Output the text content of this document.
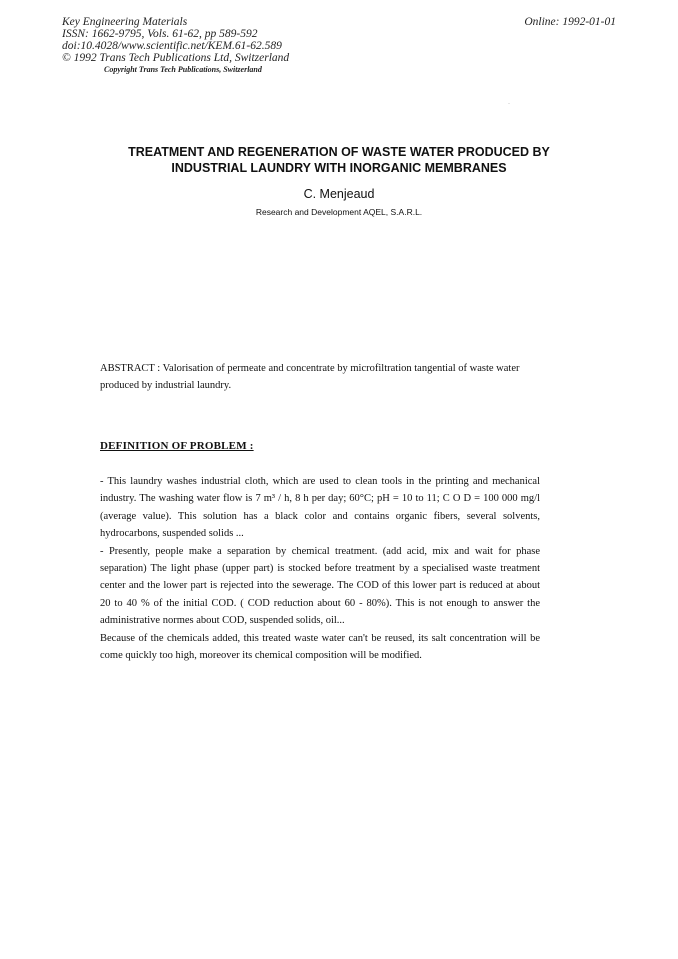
Key Engineering Materials
ISSN: 1662-9795, Vols. 61-62, pp 589-592
doi:10.4028/www.scientific.net/KEM.61-62.589
© 1992 Trans Tech Publications Ltd, Switzerland
Copyright Trans Tech Publications, Switzerland
Online: 1992-01-01
TREATMENT AND REGENERATION OF WASTE WATER PRODUCED BY
INDUSTRIAL LAUNDRY WITH INORGANIC MEMBRANES
C. Menjeaud
Research and Development AQEL, S.A.R.L.
ABSTRACT : Valorisation of permeate and concentrate by microfiltration tangential of waste water produced by industrial laundry.
DEFINITION OF PROBLEM :

- This laundry washes industrial cloth, which are used to clean tools in the printing and mechanical industry. The washing water flow is 7 m³ / h, 8 h per day; 60°C; pH = 10 to 11; C O D = 100 000 mg/l (average value). This solution has a black color and contains organic fibers, several solvents, hydrocarbons, suspended solids ...

- Presently, people make a separation by chemical treatment. (add acid, mix and wait for phase separation) The light phase (upper part) is stocked before treatment by a specialised waste treatment center and the lower part is rejected into the sewerage. The COD of this lower part is reduced at about 20 to 40 % of the initial COD. ( COD reduction about 60 - 80%). This is not enough to answer the administrative normes about COD, suspended solids, oil...

Because of the chemicals added, this treated waste water can't be reused, its salt concentration will be come quickly too high, moreover its chemical composition will be modified.
